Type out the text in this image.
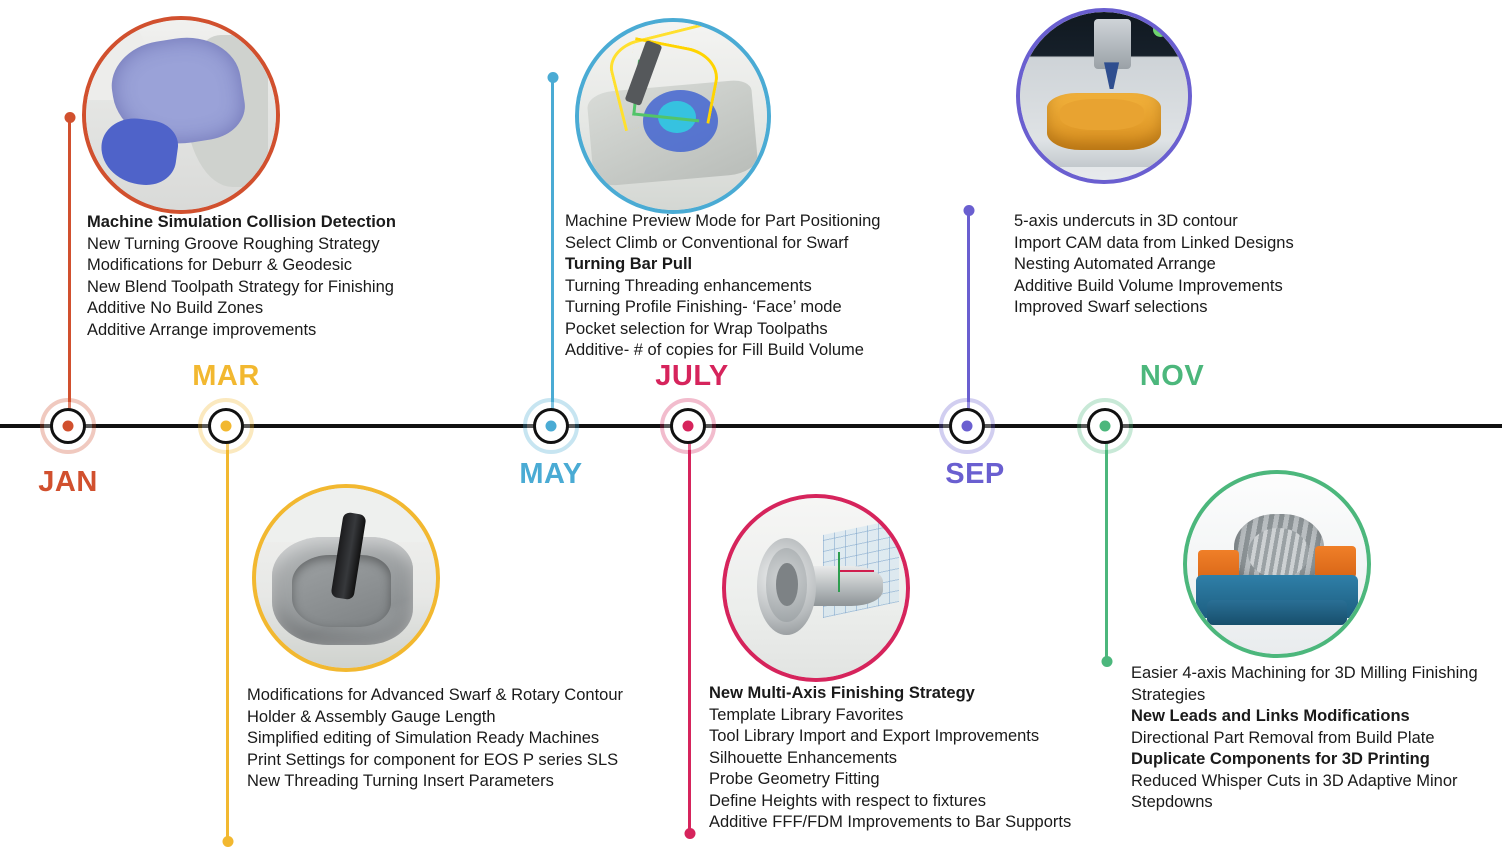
JAN
Machine Simulation Collision Detection
New Turning Groove Roughing Strategy
Modifications for Deburr & Geodesic
New Blend Toolpath Strategy for Finishing
Additive No Build Zones
Additive Arrange improvements
MAR
Modifications for Advanced Swarf & Rotary Contour
Holder & Assembly Gauge Length
Simplified editing of Simulation Ready Machines
Print Settings for component for EOS P series SLS
New Threading Turning Insert Parameters
MAY
Machine Preview Mode for Part Positioning
Select Climb or Conventional for Swarf
Turning Bar Pull
Turning Threading enhancements
Turning Profile Finishing- ‘Face’ mode
Pocket selection for Wrap Toolpaths
Additive- # of copies for Fill Build Volume
JULY
New Multi-Axis Finishing Strategy
Template Library Favorites
Tool Library Import and Export Improvements
Silhouette Enhancements
Probe Geometry Fitting
Define Heights with respect to fixtures
Additive FFF/FDM Improvements to Bar Supports
SEP
5-axis undercuts in 3D contour
Import CAM data from Linked Designs
Nesting Automated Arrange
Additive Build Volume Improvements
Improved Swarf selections
NOV
Easier 4-axis Machining for 3D Milling Finishing Strategies
New Leads and Links Modifications
Directional Part Removal from Build Plate
Duplicate Components for 3D Printing
Reduced Whisper Cuts in 3D Adaptive Minor Stepdowns
